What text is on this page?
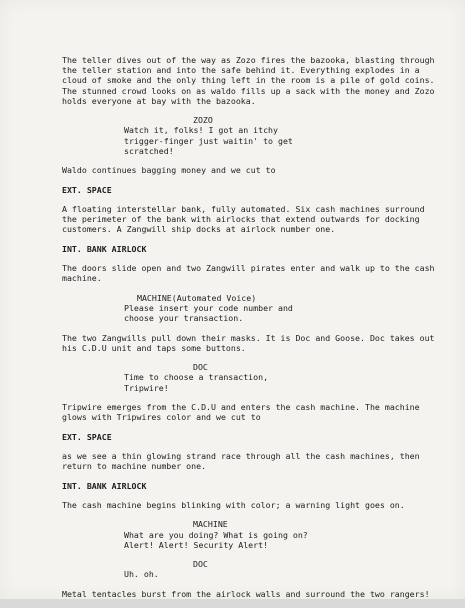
The teller dives out of the way as Zozo fires the bazooka, blasting through the teller station and into the safe behind it. Everything explodes in a cloud of smoke and the only thing left in the room is a pile of gold coins. The stunned crowd looks on as waldo fills up a sack with the money and Zozo holds everyone at bay with the bazooka.
ZOZO
Watch it, folks! I got an itchy trigger-finger just waitin' to get scratched!
Waldo continues bagging money and we cut to
EXT. SPACE
A floating interstellar bank, fully automated. Six cash machines surround the perimeter of the bank with airlocks that extend outwards for docking customers. A Zangwill ship docks at airlock number one.
INT. BANK AIRLOCK
The doors slide open and two Zangwill pirates enter and walk up to the cash machine.
MACHINE(Automated Voice)
Please insert your code number and choose your transaction.
The two Zangwills pull down their masks. It is Doc and Goose. Doc takes out his C.D.U unit and taps some buttons.
DOC
Time to choose a transaction, Tripwire!
Tripwire emerges from the C.D.U and enters the cash machine. The machine glows with Tripwires color and we cut to
EXT. SPACE
as we see a thin glowing strand race through all the cash machines, then return to machine number one.
INT. BANK AIRLOCK
The cash machine begins blinking with color; a warning light goes on.
MACHINE
What are you doing? What is going on? Alert! Alert! Security Alert!
DOC
Uh. oh.
Metal tentacles burst from the airlock walls and surround the two rangers!
